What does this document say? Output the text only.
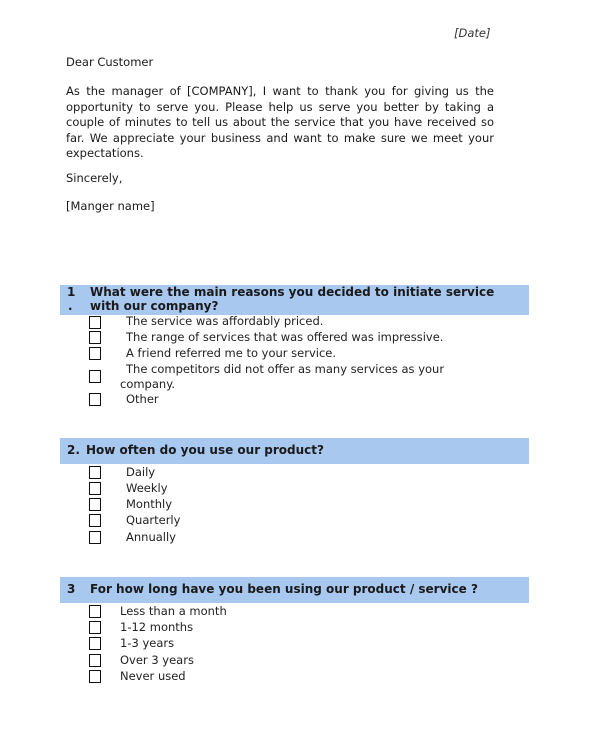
[Date]
Dear Customer
As the manager of [COMPANY], I want to thank you for giving us the opportunity to serve you. Please help us serve you better by taking a couple of minutes to tell us about the service that you have received so far. We appreciate your business and want to make sure we meet your expectations.
Sincerely,
[Manger name]
1
.
What were the main reasons you decided to initiate service
with our company?
The service was affordably priced.
The range of services that was offered was impressive.
A friend referred me to your service.
The competitors did not offer as many services as your
company.
Other
2. How often do you use our product?
Daily
Weekly
Monthly
Quarterly
Annually
3 For how long have you been using our product / service ?
Less than a month
1-12 months
1-3 years
Over 3 years
Never used
